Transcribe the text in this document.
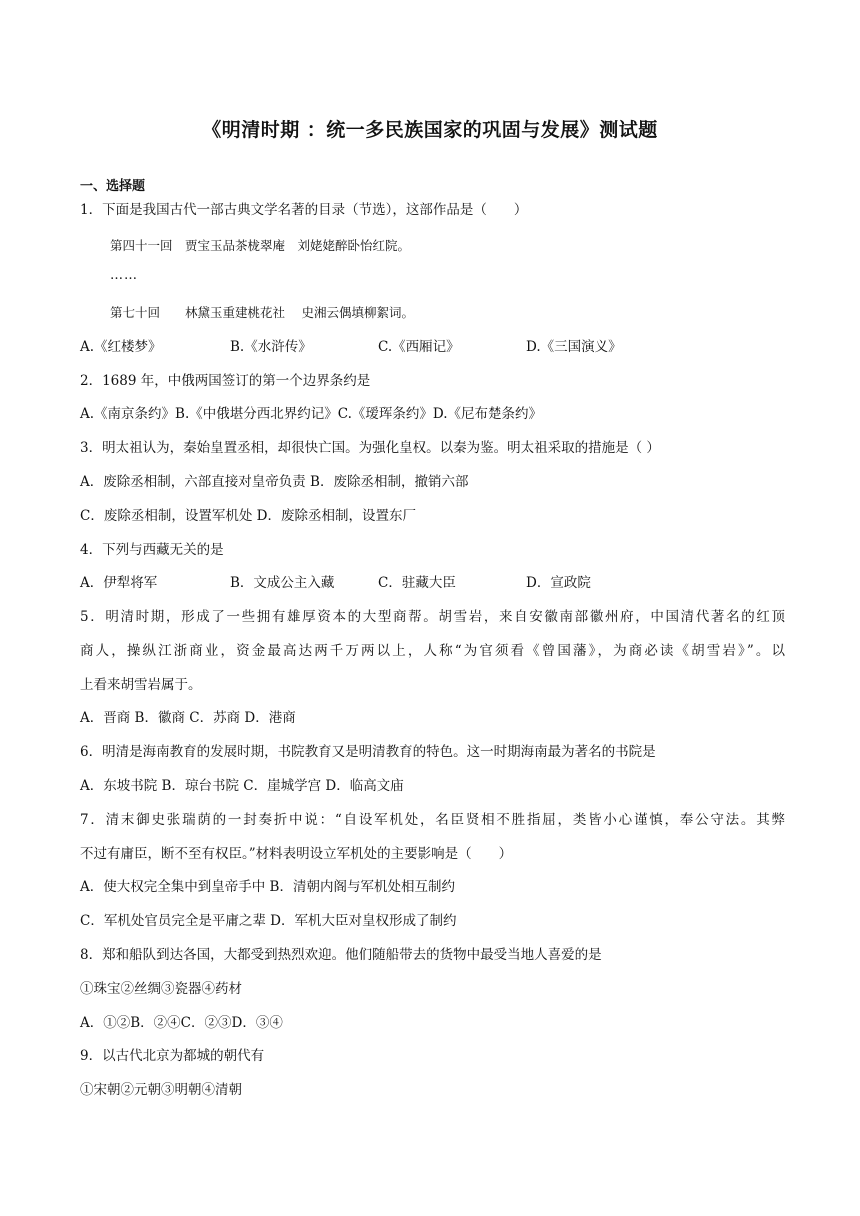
《明清时期 ：统一多民族国家的巩固与发展》测试题
一、选择题
1．下面是我国古代一部古典文学名著的目录（节选），这部作品是（　　）
第四十一回　贾宝玉品茶栊翠庵　刘姥姥醉卧怡红院。
……
第七十回　　林黛玉重建桃花社　 史湘云偶填柳絮词。
A.《红楼梦》	B.《水浒传》	C.《西厢记》	D.《三国演义》
2．1689 年，中俄两国签订的第一个边界条约是
A.《南京条约》B.《中俄堪分西北界约记》C.《瑷珲条约》D.《尼布楚条约》
3．明太祖认为，秦始皇置丞相，却很快亡国。为强化皇权。以秦为鉴。明太祖采取的措施是（ ）
A．废除丞相制，六部直接对皇帝负责 B．废除丞相制，撤销六部
C．废除丞相制，设置军机处 D．废除丞相制，设置东厂
4．下列与西藏无关的是
A．伊犁将军	B．文成公主入藏	C．驻藏大臣	D．宣政院
5．明清时期，形成了一些拥有雄厚资本的大型商帮。胡雪岩，来自安徽南部徽州府，中国清代著名的红顶
商人，操纵江浙商业，资金最高达两千万两以上，人称“为官须看《曾国藩》，为商必读《胡雪岩》”。以
上看来胡雪岩属于。
A．晋商 B．徽商 C．苏商 D．港商
6．明清是海南教育的发展时期，书院教育又是明清教育的特色。这一时期海南最为著名的书院是
A．东坡书院 B．琼台书院 C．崖城学宫 D．临高文庙
7．清末御史张瑞荫的一封奏折中说：“自设军机处，名臣贤相不胜指屈，类皆小心谨慎，奉公守法。其弊
不过有庸臣，断不至有权臣。”材料表明设立军机处的主要影响是（　　）
A．使大权完全集中到皇帝手中 B．清朝内阁与军机处相互制约
C．军机处官员完全是平庸之辈 D．军机大臣对皇权形成了制约
8．郑和船队到达各国，大都受到热烈欢迎。他们随船带去的货物中最受当地人喜爱的是
①珠宝②丝绸③瓷器④药材
A．①②B．②④C．②③D．③④
9．以古代北京为都城的朝代有
①宋朝②元朝③明朝④清朝
